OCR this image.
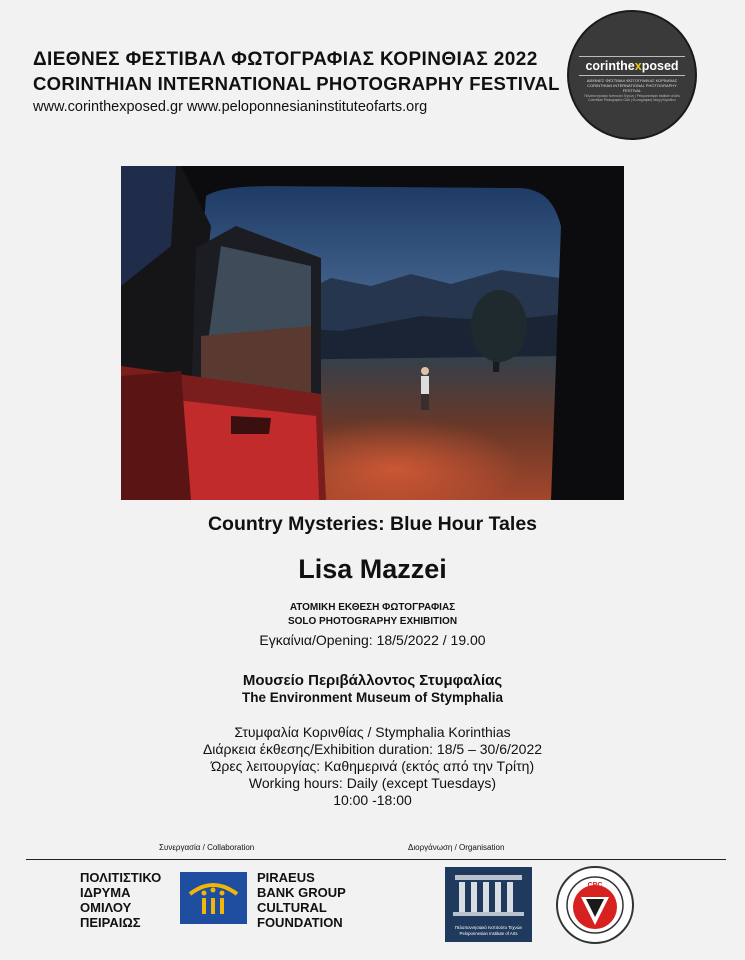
ΔΙΕΘΝΕΣ ΦΕΣΤΙΒΑΛ ΦΩΤΟΓΡΑΦΙΑΣ ΚΟΡΙΝΘΙΑΣ 2022
CORINTHIAN INTERNATIONAL PHOTOGRAPHY FESTIVAL
www.corinthexposed.gr www.peloponnesianinstituteofarts.org
corinthexposed
ΔΙΕΘΝΕΣ ΦΕΣΤΙΒΑΛ ΦΩΤΟΓΡΑΦΙΑΣ ΚΟΡΙΝΘΙΑΣ
CORINTHIAN INTERNATIONAL PHOTOGRAPHY FESTIVAL
Πελοποννησιακό Ινστιτούτο Τεχνών | Peloponnesian Institute of Arts
Corinthian Photographic Club | Φωτογραφική Λέσχη Κορίνθου
Country Mysteries: Blue Hour Tales
Lisa Mazzei
ΑΤΟΜΙΚΗ ΕΚΘΕΣΗ ΦΩΤΟΓΡΑΦΙΑΣ
SOLO PHOTOGRAPHY EXHIBITION
Εγκαίνια/Opening: 18/5/2022 / 19.00
Μουσείο Περιβάλλοντος Στυμφαλίας
The Environment Museum of Stymphalia
Στυμφαλία Κορινθίας / Stymphalia Korinthias
Διάρκεια έκθεσης/Exhibition duration: 18/5 – 30/6/2022
Ώρες λειτουργίας: Καθημερινά (εκτός από την Τρίτη)
Working hours: Daily (except Tuesdays)
10:00 -18:00
Συνεργασία / Collaboration	Διοργάνωση / Organisation
ΠΟΛΙΤΙΣΤΙΚΟ
ΙΔΡΥΜΑ
ΟΜΙΛΟΥ
ΠΕΙΡΑΙΩΣ
PIRAEUS
BANK GROUP
CULTURAL
FOUNDATION	Πελοποννησιακό Ινστιτούτο Τεχνών
Peloponnesian Institute of Arts
CPC
